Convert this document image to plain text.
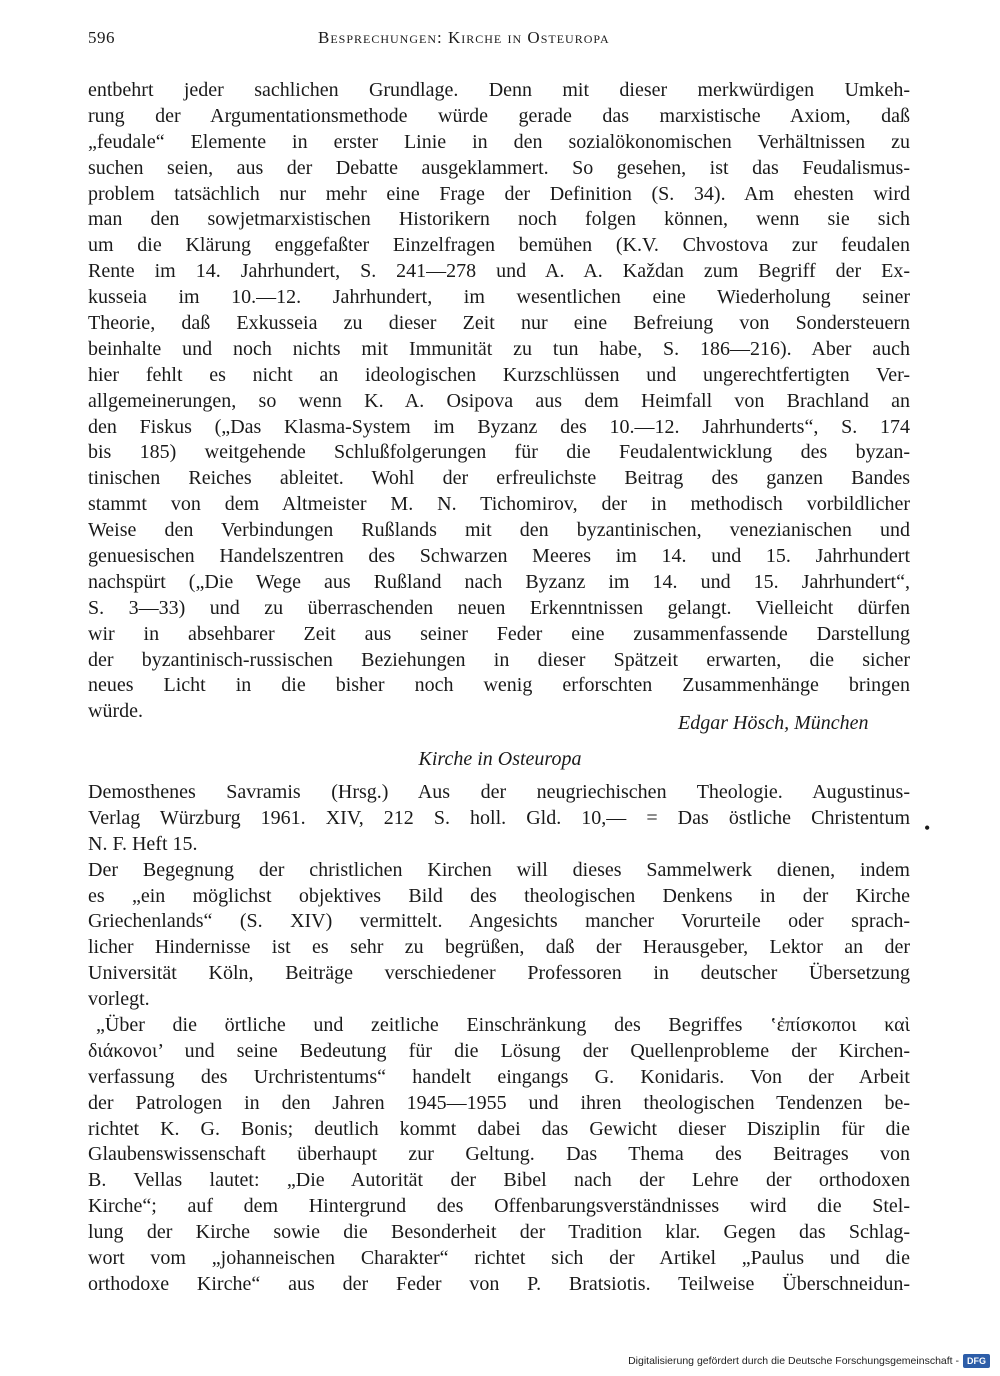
596	Besprechungen: Kirche in Osteuropa
entbehrt jeder sachlichen Grundlage. Denn mit dieser merkwürdigen Umkeh-
rung der Argumentationsmethode würde gerade das marxistische Axiom, daß
„feudale“ Elemente in erster Linie in den sozialökonomischen Verhältnissen zu
suchen seien, aus der Debatte ausgeklammert. So gesehen, ist das Feudalismus-
problem tatsächlich nur mehr eine Frage der Definition (S. 34). Am ehesten wird
man den sowjetmarxistischen Historikern noch folgen können, wenn sie sich
um die Klärung enggefaßter Einzelfragen bemühen (K.V. Chvostova zur feudalen
Rente im 14. Jahrhundert, S. 241—278 und A. A. Každan zum Begriff der Ex-
kusseia im 10.—12. Jahrhundert, im wesentlichen eine Wiederholung seiner
Theorie, daß Exkusseia zu dieser Zeit nur eine Befreiung von Sondersteuern
beinhalte und noch nichts mit Immunität zu tun habe, S. 186—216). Aber auch
hier fehlt es nicht an ideologischen Kurzschlüssen und ungerechtfertigten Ver-
allgemeinerungen, so wenn K. A. Osipova aus dem Heimfall von Brachland an
den Fiskus („Das Klasma-System im Byzanz des 10.—12. Jahrhunderts“, S. 174
bis 185) weitgehende Schlußfolgerungen für die Feudalentwicklung des byzan-
tinischen Reiches ableitet. Wohl der erfreulichste Beitrag des ganzen Bandes
stammt von dem Altmeister M. N. Tichomirov, der in methodisch vorbildlicher
Weise den Verbindungen Rußlands mit den byzantinischen, venezianischen und
genuesischen Handelszentren des Schwarzen Meeres im 14. und 15. Jahrhundert
nachspürt („Die Wege aus Rußland nach Byzanz im 14. und 15. Jahrhundert“,
S. 3—33) und zu überraschenden neuen Erkenntnissen gelangt. Vielleicht dürfen
wir in absehbarer Zeit aus seiner Feder eine zusammenfassende Darstellung
der byzantinisch-russischen Beziehungen in dieser Spätzeit erwarten, die sicher
neues Licht in die bisher noch wenig erforschten Zusammenhänge bringen
würde.
Edgar Hösch, München
Kirche in Osteuropa
Demosthenes Savramis (Hrsg.) Aus der neugriechischen Theologie. Augustinus-
Verlag Würzburg 1961. XIV, 212 S. holl. Gld. 10,— = Das östliche Christentum
N. F. Heft 15.
Der Begegnung der christlichen Kirchen will dieses Sammelwerk dienen, indem
es „ein möglichst objektives Bild des theologischen Denkens in der Kirche
Griechenlands“ (S. XIV) vermittelt. Angesichts mancher Vorurteile oder sprach-
licher Hindernisse ist es sehr zu begrüßen, daß der Herausgeber, Lektor an der
Universität Köln, Beiträge verschiedener Professoren in deutscher Übersetzung
vorlegt.
„Über die örtliche und zeitliche Einschränkung des Begriffes ‛ἐπίσκοποι καὶ
διάκονοι’ und seine Bedeutung für die Lösung der Quellenprobleme der Kirchen-
verfassung des Urchristentums“ handelt eingangs G. Konidaris. Von der Arbeit
der Patrologen in den Jahren 1945—1955 und ihren theologischen Tendenzen be-
richtet K. G. Bonis; deutlich kommt dabei das Gewicht dieser Disziplin für die
Glaubenswissenschaft überhaupt zur Geltung. Das Thema des Beitrages von
B. Vellas lautet: „Die Autorität der Bibel nach der Lehre der orthodoxen
Kirche“; auf dem Hintergrund des Offenbarungsverständnisses wird die Stel-
lung der Kirche sowie die Besonderheit der Tradition klar. Gegen das Schlag-
wort vom „johanneischen Charakter“ richtet sich der Artikel „Paulus und die
orthodoxe Kirche“ aus der Feder von P. Bratsiotis. Teilweise Überschneidun-
•
Digitalisierung gefördert durch die Deutsche Forschungsgemeinschaft - DFG
